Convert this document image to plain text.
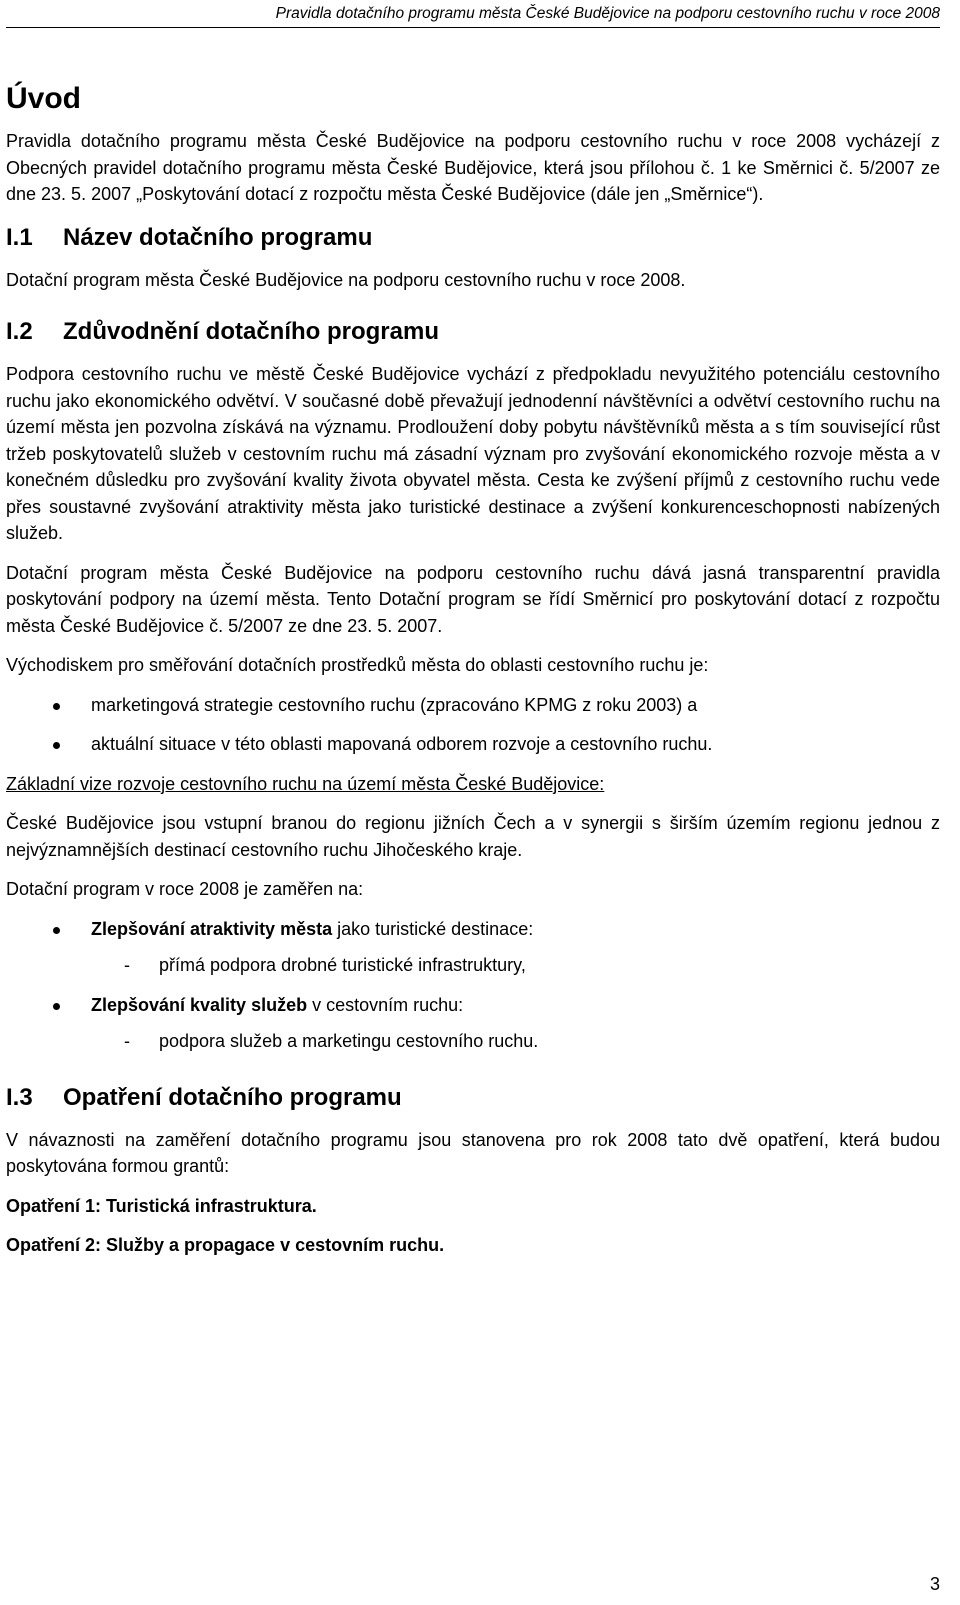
Pravidla dotačního programu města České Budějovice na podporu cestovního ruchu v roce 2008
Úvod

Pravidla dotačního programu města České Budějovice na podporu cestovního ruchu v roce 2008 vycházejí z Obecných pravidel dotačního programu města České Budějovice, která jsou přílohou č. 1 ke Směrnici č. 5/2007 ze dne 23. 5. 2007 „Poskytování dotací z rozpočtu města České Budějovice (dále jen „Směrnice“).

I.1 Název dotačního programu

Dotační program města České Budějovice na podporu cestovního ruchu v roce 2008.

I.2 Zdůvodnění dotačního programu

Podpora cestovního ruchu ve městě České Budějovice vychází z předpokladu nevyužitého potenciálu cestovního ruchu jako ekonomického odvětví. V současné době převažují jednodenní návštěvníci a odvětví cestovního ruchu na území města jen pozvolna získává na významu. Prodloužení doby pobytu návštěvníků města a s tím související růst tržeb poskytovatelů služeb v cestovním ruchu má zásadní význam pro zvyšování ekonomického rozvoje města a v konečném důsledku pro zvyšování kvality života obyvatel města. Cesta ke zvýšení příjmů z cestovního ruchu vede přes soustavné zvyšování atraktivity města jako turistické destinace a zvýšení konkurenceschopnosti nabízených služeb.

Dotační program města České Budějovice na podporu cestovního ruchu dává jasná transparentní pravidla poskytování podpory na území města. Tento Dotační program se řídí Směrnicí pro poskytování dotací z rozpočtu města České Budějovice č. 5/2007 ze dne 23. 5. 2007.

Východiskem pro směřování dotačních prostředků města do oblasti cestovního ruchu je:

marketingová strategie cestovního ruchu (zpracováno KPMG z roku 2003) a
aktuální situace v této oblasti mapovaná odborem rozvoje a cestovního ruchu.

Základní vize rozvoje cestovního ruchu na území města České Budějovice:

České Budějovice jsou vstupní branou do regionu jižních Čech a v synergii s širším územím regionu jednou z nejvýznamnějších destinací cestovního ruchu Jihočeského kraje.

Dotační program v roce 2008 je zaměřen na:

Zlepšování atraktivity města jako turistické destinace:
- přímá podpora drobné turistické infrastruktury,
Zlepšování kvality služeb v cestovním ruchu:
- podpora služeb a marketingu cestovního ruchu.
I.3 Opatření dotačního programu

V návaznosti na zaměření dotačního programu jsou stanovena pro rok 2008 tato dvě opatření, která budou poskytována formou grantů:

Opatření 1: Turistická infrastruktura.

Opatření 2: Služby a propagace v cestovním ruchu.

3
